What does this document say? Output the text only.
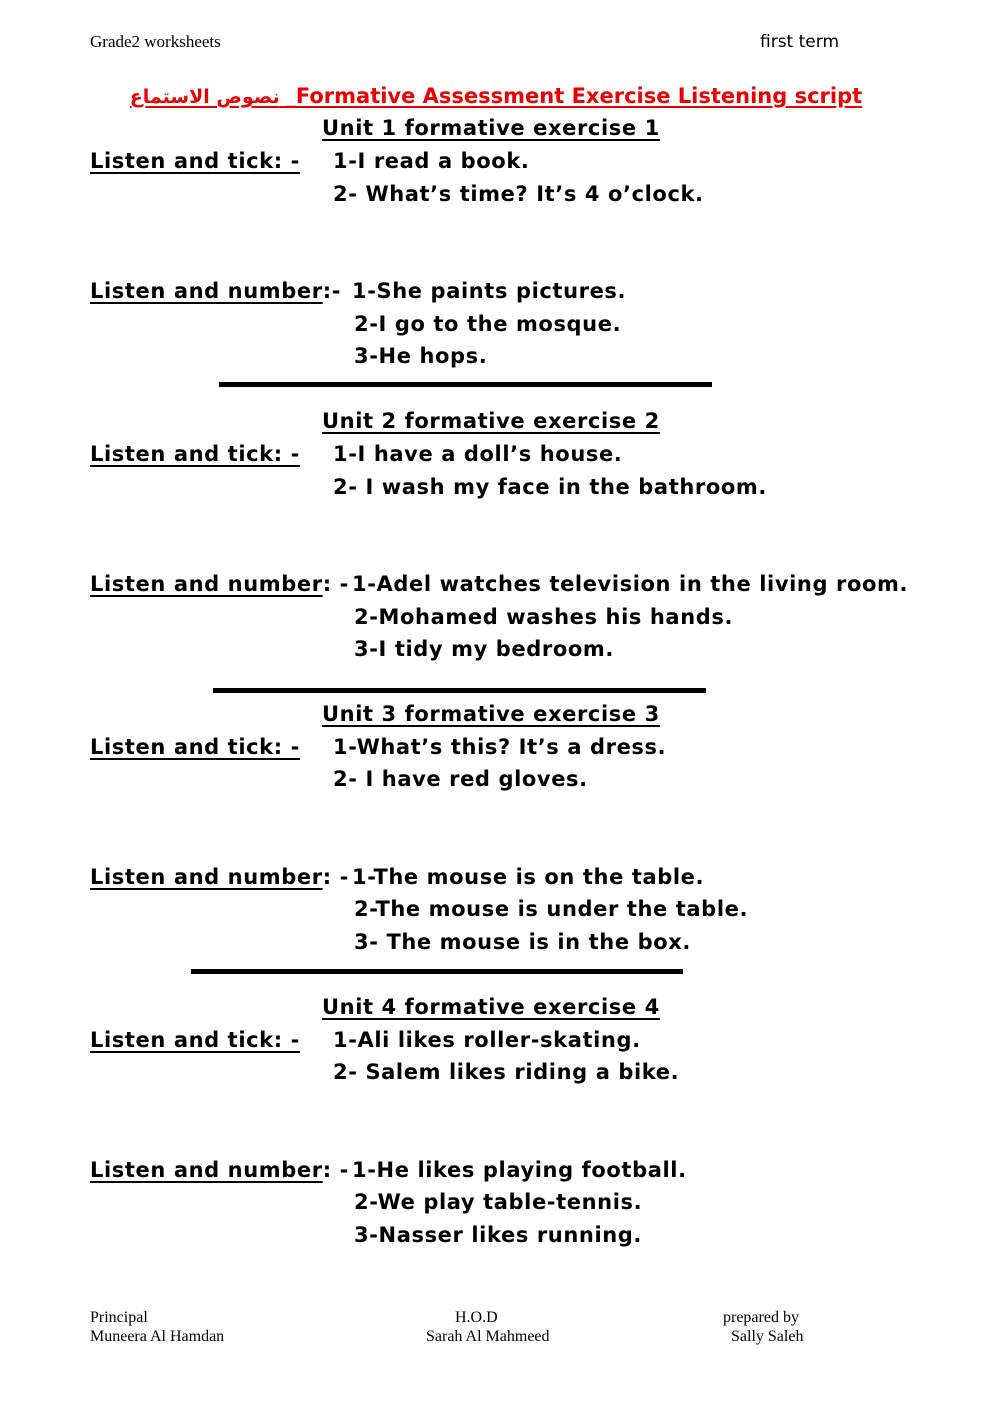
Grade2 worksheets	first term
نصوص الاستماع _Formative Assessment Exercise Listening script
Unit 1 formative exercise 1
Listen and tick: - 1-I read a book.
2- What’s time? It’s 4 o’clock.
Listen and number:- 1-She paints pictures.
2-I go to the mosque.
3-He hops.
Unit 2 formative exercise 2
Listen and tick: - 1-I have a doll’s house.
2- I wash my face in the bathroom.
Listen and number: - 1-Adel watches television in the living room.
2-Mohamed washes his hands.
3-I tidy my bedroom.
Unit 3 formative exercise 3
Listen and tick: - 1-What’s this? It’s a dress.
2- I have red gloves.
Listen and number: - 1-The mouse is on the table.
2-The mouse is under the table.
3- The mouse is in the box.
Unit 4 formative exercise 4
Listen and tick: - 1-Ali likes roller-skating.
2- Salem likes riding a bike.
Listen and number: - 1-He likes playing football.
2-We play table-tennis.
3-Nasser likes running.
Principal
Muneera Al Hamdan
H.O.D
Sarah Al Mahmeed
prepared by
Sally Saleh
